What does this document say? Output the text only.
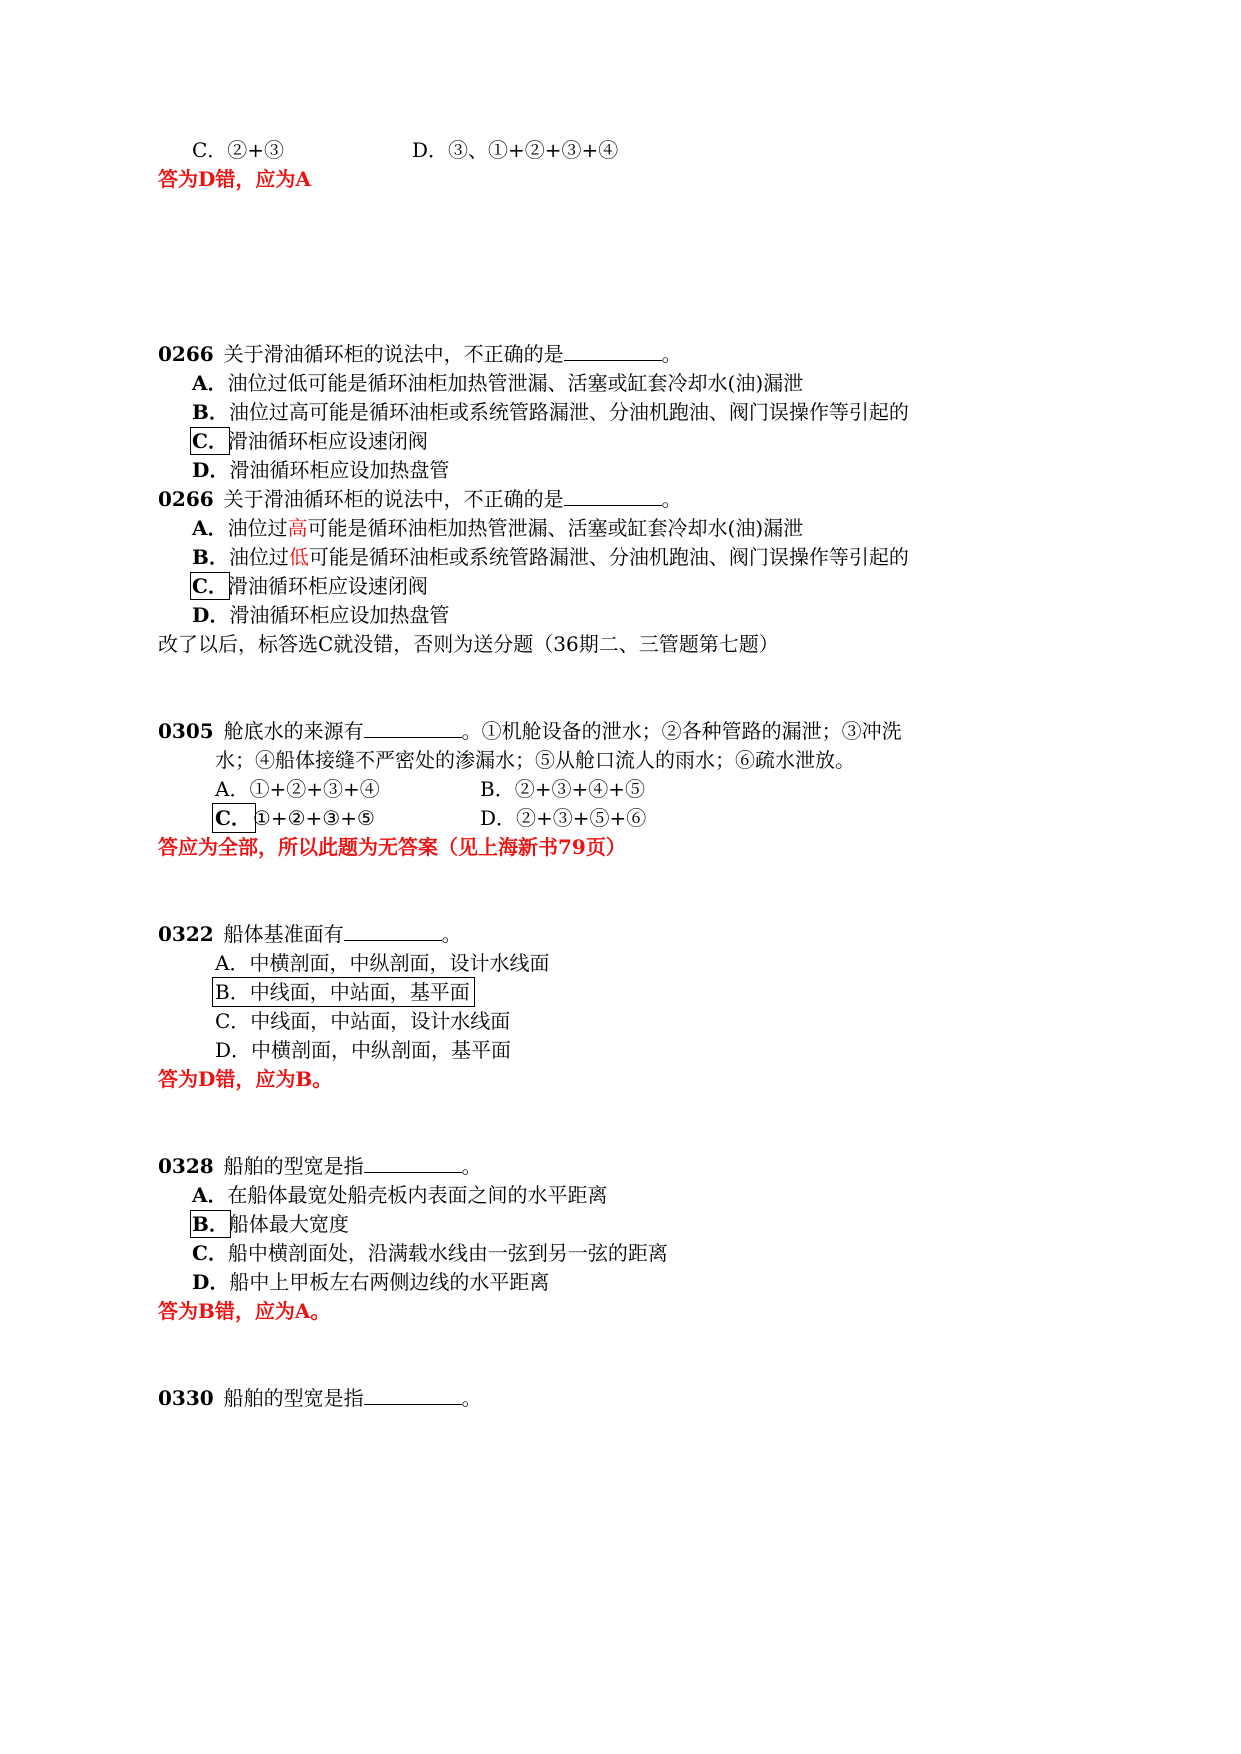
C．②+③	D．③、①+②+③+④
答为D错，应为A
0266 关于滑油循环柜的说法中，不正确的是	。
A．油位过低可能是循环油柜加热管泄漏、活塞或缸套冷却水(油)漏泄
B．油位过高可能是循环油柜或系统管路漏泄、分油机跑油、阀门误操作等引起的
C．滑油循环柜应设速闭阀
D．滑油循环柜应设加热盘管
0266 关于滑油循环柜的说法中，不正确的是	。
A．油位过高可能是循环油柜加热管泄漏、活塞或缸套冷却水(油)漏泄
B．油位过低可能是循环油柜或系统管路漏泄、分油机跑油、阀门误操作等引起的
C．滑油循环柜应设速闭阀
D．滑油循环柜应设加热盘管
改了以后，标答选C就没错，否则为送分题（36期二、三管题第七题）
0305 舱底水的来源有	。①机舱设备的泄水；②各种管路的漏泄；③冲洗
水；④船体接缝不严密处的渗漏水；⑤从舱口流人的雨水；⑥疏水泄放。
A．①+②+③+④	B．②+③+④+⑤
C． ①+②+③+⑤	D．②+③+⑤+⑥
答应为全部，所以此题为无答案（见上海新书79页）
0322 船体基准面有	。
A．中横剖面，中纵剖面，设计水线面
B．中线面，中站面，基平面
C．中线面，中站面，设计水线面
D．中横剖面，中纵剖面，基平面
答为D错，应为B。
0328 船舶的型宽是指	。
A．在船体最宽处船壳板内表面之间的水平距离
B．船体最大宽度
C．船中横剖面处，沿满载水线由一弦到另一弦的距离
D．船中上甲板左右两侧边线的水平距离
答为B错，应为A。
0330 船舶的型宽是指	。
